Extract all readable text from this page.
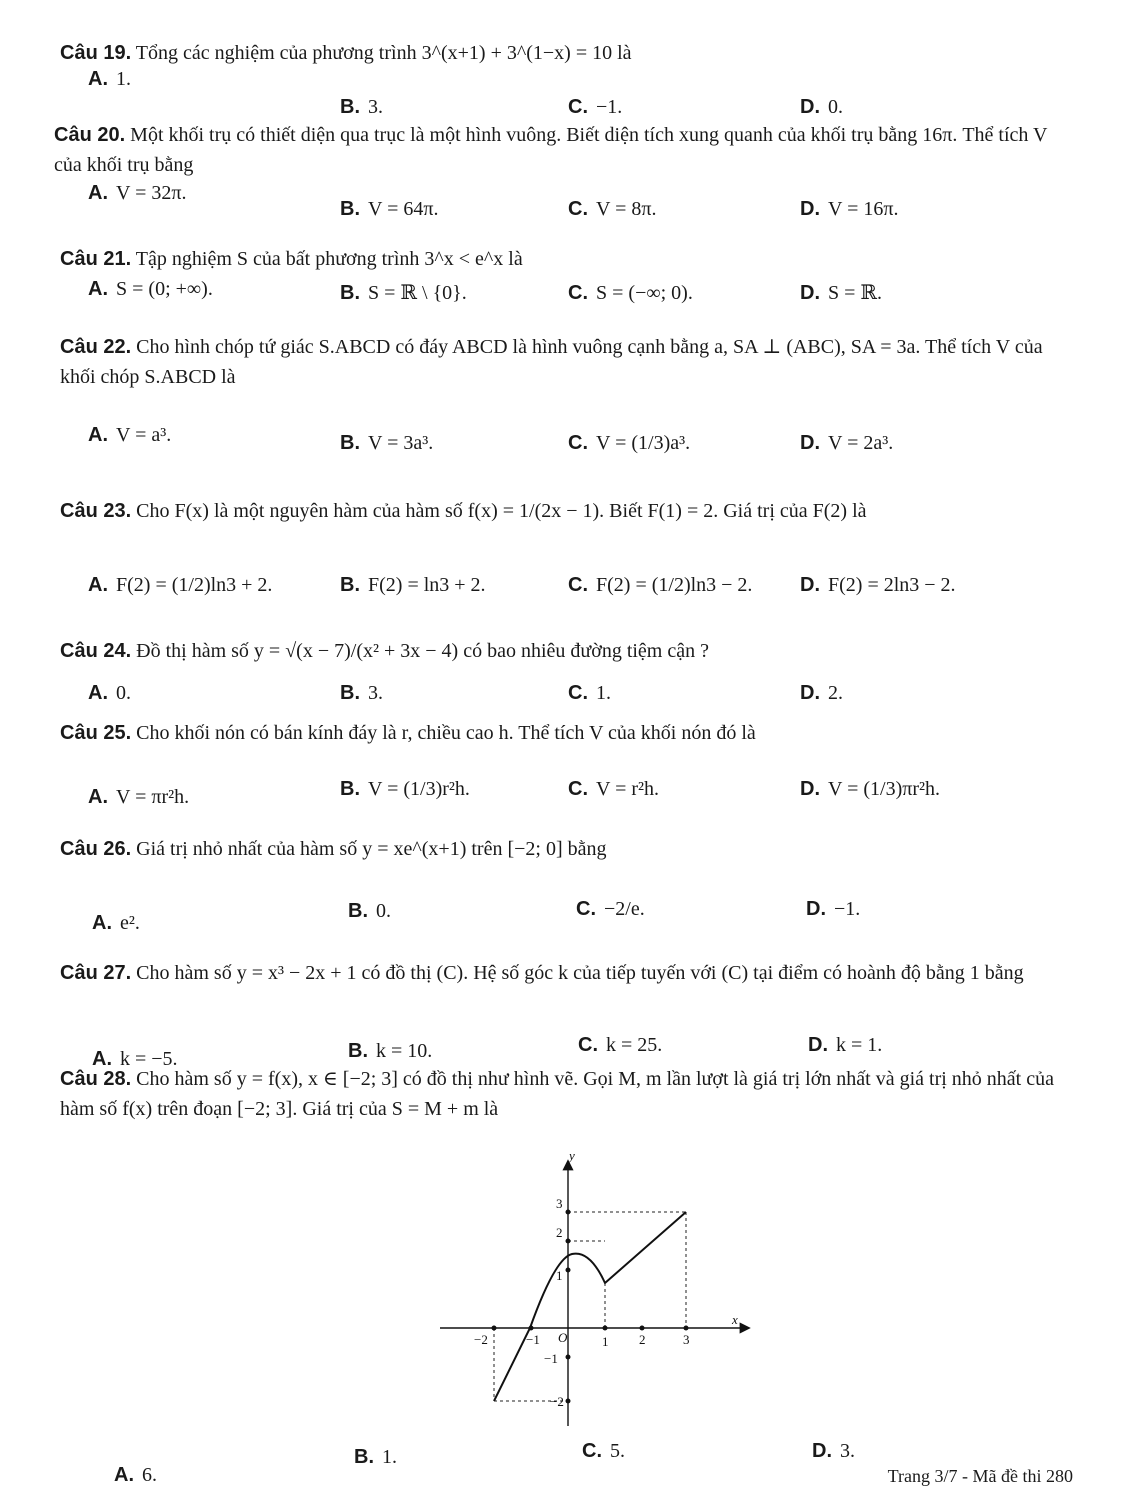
Câu 19. Tổng các nghiệm của phương trình 3^(x+1) + 3^(1−x) = 10 là
A. 1.
B. 3.	C. −1.	D. 0.
Câu 20. Một khối trụ có thiết diện qua trục là một hình vuông. Biết diện tích xung quanh của khối trụ bằng 16π. Thể tích V của khối trụ bằng
A. V = 32π.
B. V = 64π.	C. V = 8π.	D. V = 16π.
Câu 21. Tập nghiệm S của bất phương trình 3^x < e^x là
A. S = (0; +∞).	B. S = ℝ \ {0}.	C. S = (−∞; 0).	D. S = ℝ.
Câu 22. Cho hình chóp tứ giác S.ABCD có đáy ABCD là hình vuông cạnh bằng a, SA ⊥ (ABC), SA = 3a. Thể tích V của khối chóp S.ABCD là
A. V = a³.	B. V = 3a³.	C. V = (1/3)a³.	D. V = 2a³.
Câu 23. Cho F(x) là một nguyên hàm của hàm số f(x) = 1/(2x − 1). Biết F(1) = 2. Giá trị của F(2) là
A. F(2) = (1/2)ln3 + 2.	B. F(2) = ln3 + 2.	C. F(2) = (1/2)ln3 − 2. D. F(2) = 2ln3 − 2.
Câu 24. Đồ thị hàm số y = √(x − 7)/(x² + 3x − 4) có bao nhiêu đường tiệm cận ?
A. 0.	B. 3.	C. 1.	D. 2.
Câu 25. Cho khối nón có bán kính đáy là r, chiều cao h. Thể tích V của khối nón đó là
A. V = πr²h.	B. V = (1/3)r²h.	C. V = r²h.	D. V = (1/3)πr²h.
Câu 26. Giá trị nhỏ nhất của hàm số y = xe^(x+1) trên [−2; 0] bằng
A. e².
B. 0.	C. −2/e.	D. −1.
Câu 27. Cho hàm số y = x³ − 2x + 1 có đồ thị (C). Hệ số góc k của tiếp tuyến với (C) tại điểm có hoành độ bằng 1 bằng
A. k = −5.	B. k = 10.	C. k = 25.	D. k = 1.
Câu 28. Cho hàm số y = f(x), x ∈ [−2; 3] có đồ thị như hình vẽ. Gọi M, m lần lượt là giá trị lớn nhất và giá trị nhỏ nhất của hàm số f(x) trên đoạn [−2; 3]. Giá trị của S = M + m là
x
y
O
−2	−1	1 2	3
3
2
1
−1
−2
A. 6.
B. 1.	C. 5.	D. 3.
Trang 3/7 - Mã đề thi 280
